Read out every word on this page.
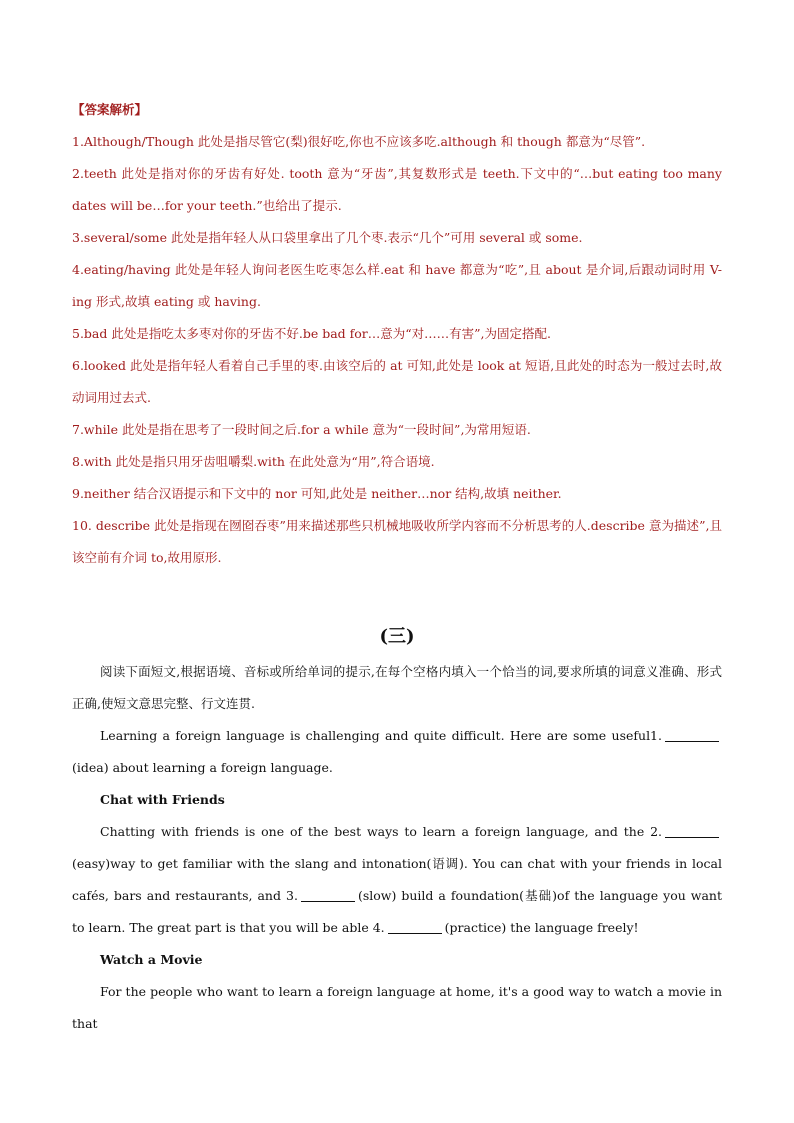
【答案解析】

1.Although/Though 此处是指尽管它(梨)很好吃,你也不应该多吃.although 和 though 都意为“尽管”.

2.teeth 此处是指对你的牙齿有好处. tooth 意为“牙齿”,其复数形式是 teeth.下文中的“…but eating too many dates will be…for your teeth.”也给出了提示.

3.several/some 此处是指年轻人从口袋里拿出了几个枣.表示“几个”可用 several 或 some.

4.eating/having 此处是年轻人询问老医生吃枣怎么样.eat 和 have 都意为“吃”,且 about 是介词,后跟动词时用 V-ing 形式,故填 eating 或 having.

5.bad 此处是指吃太多枣对你的牙齿不好.be bad for…意为“对……有害”,为固定搭配.

6.looked 此处是指年轻人看着自己手里的枣.由该空后的 at 可知,此处是 look at 短语,且此处的时态为一般过去时,故动词用过去式.

7.while 此处是指在思考了一段时间之后.for a while 意为“一段时间”,为常用短语.

8.with 此处是指只用牙齿咀嚼梨.with 在此处意为“用”,符合语境.

9.neither 结合汉语提示和下文中的 nor 可知,此处是 neither…nor 结构,故填 neither.

10. describe 此处是指现在囫囵吞枣”用来描述那些只机械地吸收所学内容而不分析思考的人.describe 意为描述”,且该空前有介词 to,故用原形.

(三)

阅读下面短文,根据语境、音标或所给单词的提示,在每个空格内填入一个恰当的词,要求所填的词意义准确、形式正确,使短文意思完整、行文连贯.

Learning a foreign language is challenging and quite difficult. Here are some useful1.(idea) about learning a foreign language.

Chat with Friends

Chatting with friends is one of the best ways to learn a foreign language, and the 2.(easy)way to get familiar with the slang and intonation(语调). You can chat with your friends in local cafés, bars and restaurants, and 3.	(slow) build a foundation(基础)of the language you want to learn. The great part is that you will be able 4.	(practice) the language freely!

Watch a Movie

For the people who want to learn a foreign language at home, it's a good way to watch a movie in that
